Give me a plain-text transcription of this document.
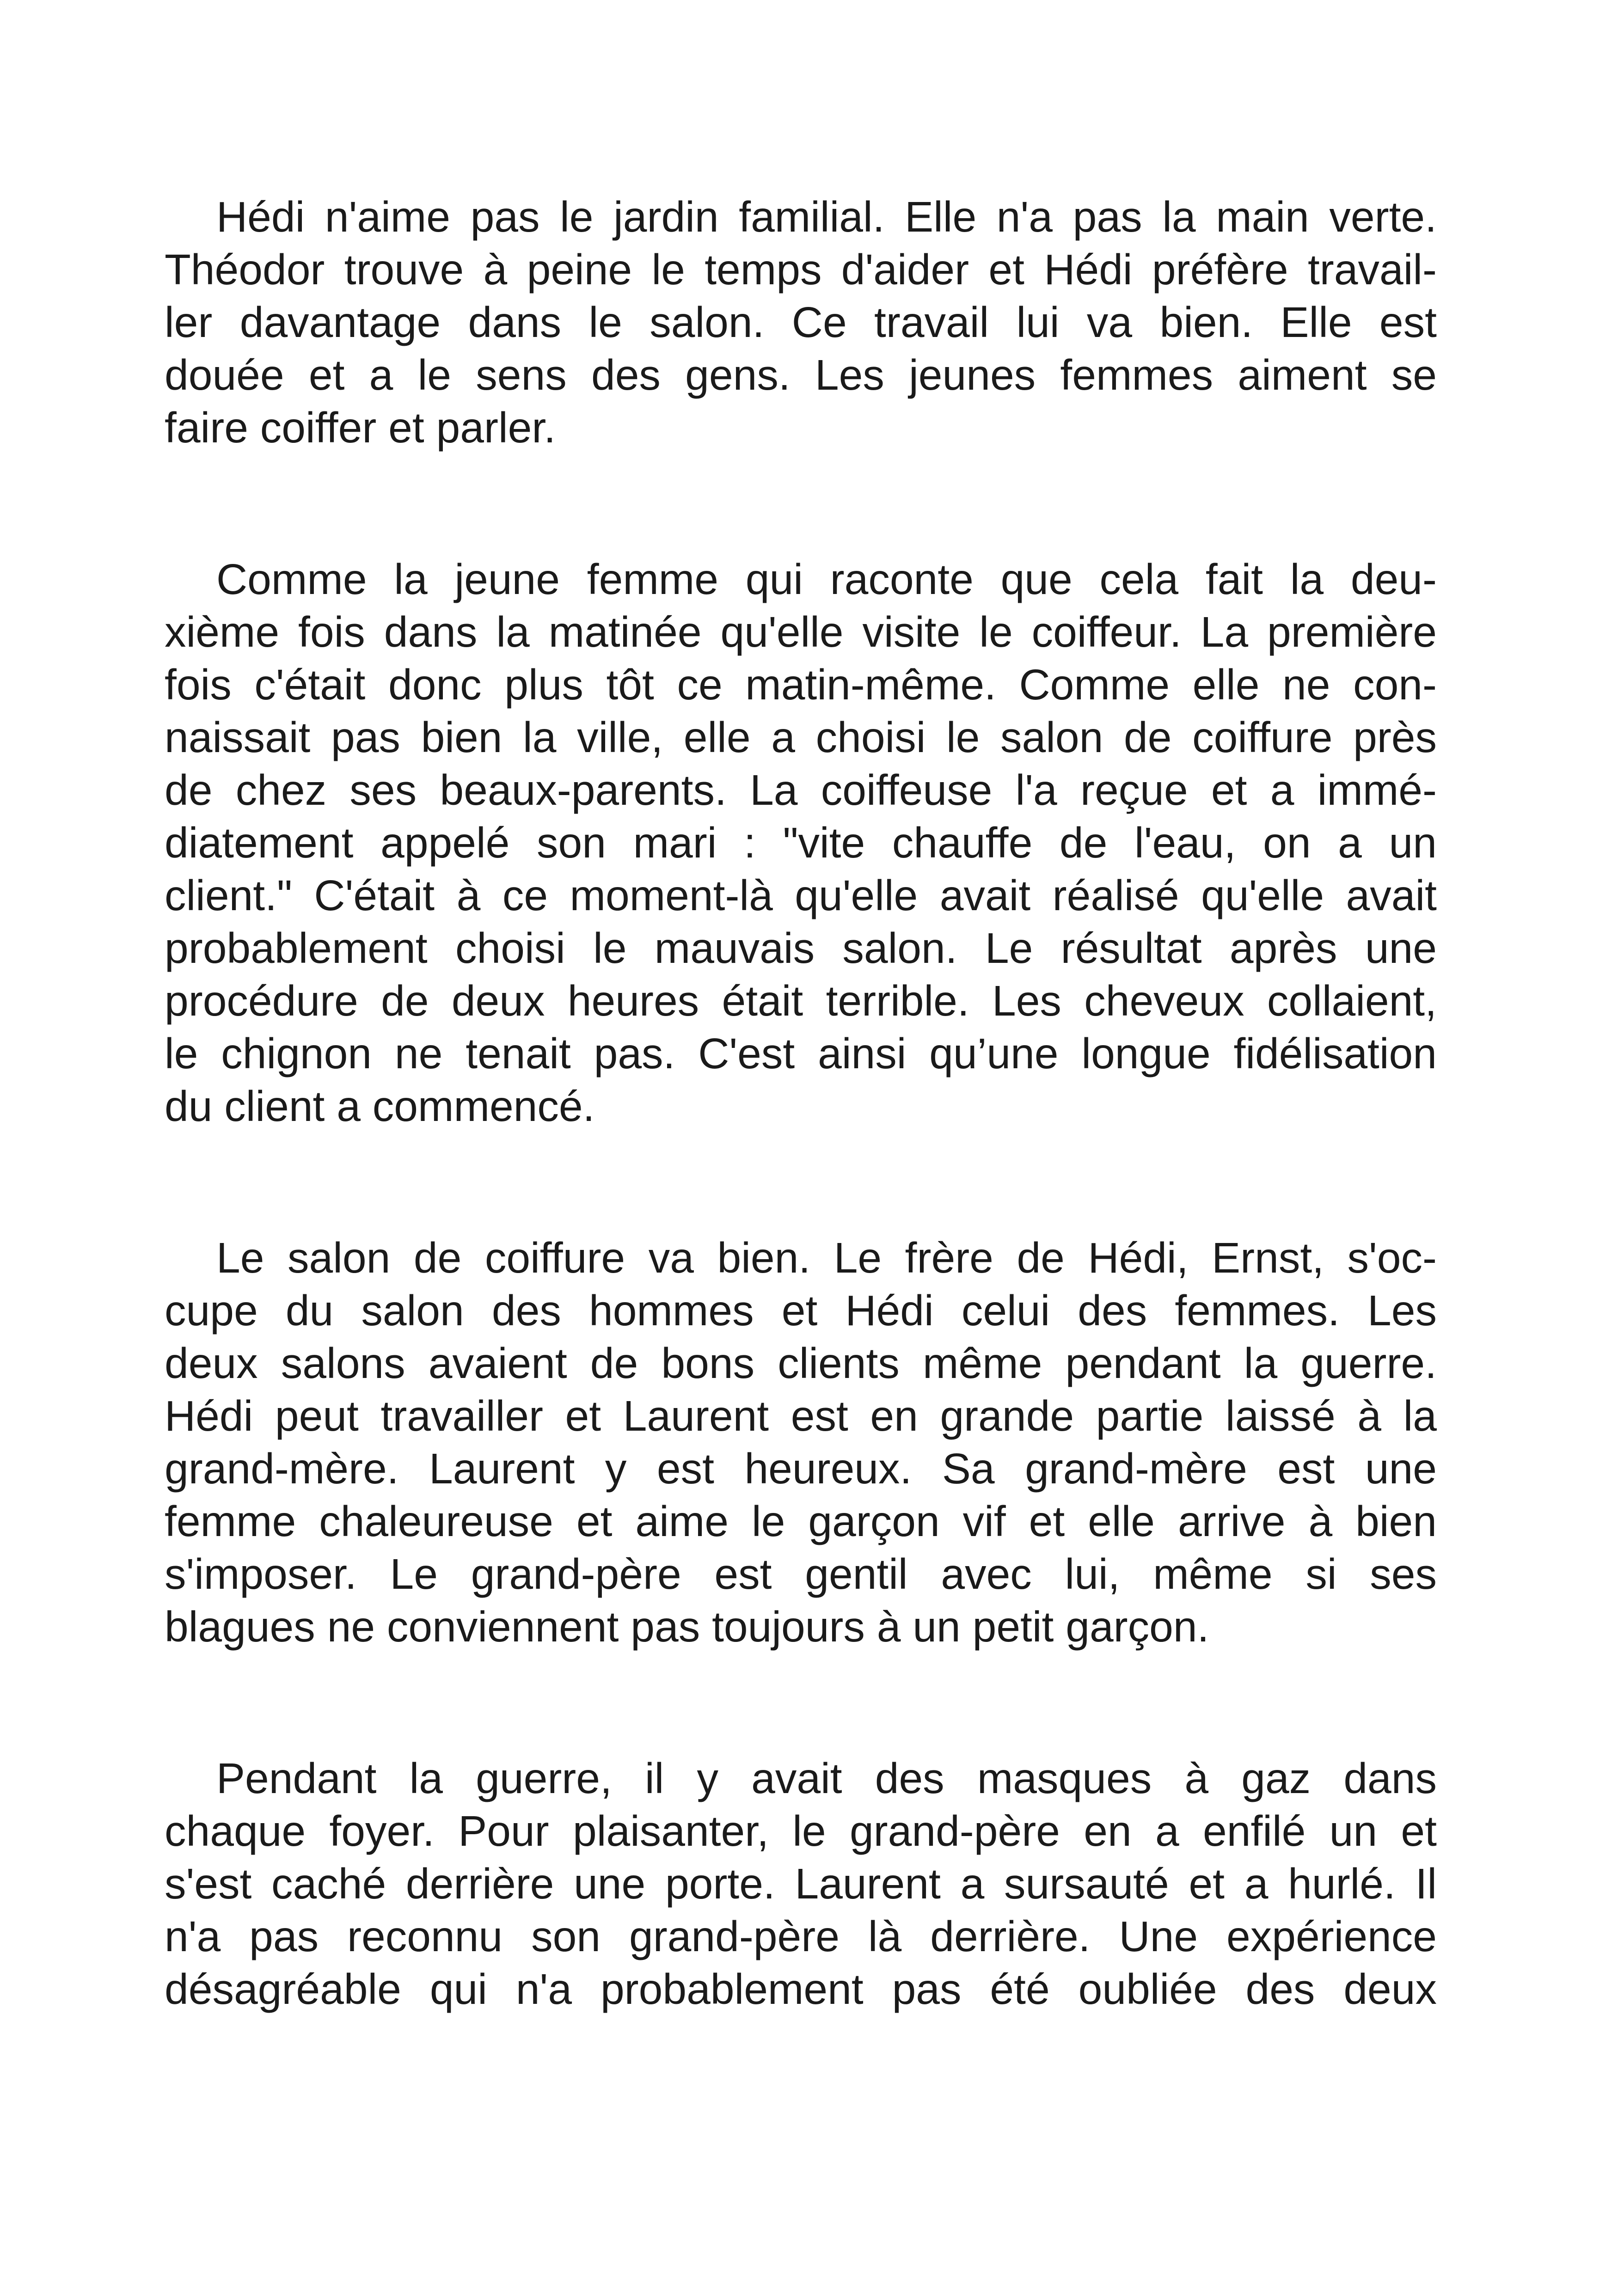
Hédi n'aime pas le jardin familial. Elle n'a pas la main verte.
Théodor trouve à peine le temps d'aider et Hédi préfère travail-
ler davantage dans le salon. Ce travail lui va bien. Elle est
douée et a le sens des gens. Les jeunes femmes aiment se
faire coiffer et parler.
Comme la jeune femme qui raconte que cela fait la deu-
xième fois dans la matinée qu'elle visite le coiffeur. La première
fois c'était donc plus tôt ce matin-même. Comme elle ne con-
naissait pas bien la ville, elle a choisi le salon de coiffure près
de chez ses beaux-parents. La coiffeuse l'a reçue et a immé-
diatement appelé son mari : "vite chauffe de l'eau, on a un
client." C'était à ce moment-là qu'elle avait réalisé qu'elle avait
probablement choisi le mauvais salon. Le résultat après une
procédure de deux heures était terrible. Les cheveux collaient,
le chignon ne tenait pas. C'est ainsi qu’une longue fidélisation
du client a commencé.
Le salon de coiffure va bien. Le frère de Hédi, Ernst, s'oc-
cupe du salon des hommes et Hédi celui des femmes. Les
deux salons avaient de bons clients même pendant la guerre.
Hédi peut travailler et Laurent est en grande partie laissé à la
grand-mère. Laurent y est heureux. Sa grand-mère est une
femme chaleureuse et aime le garçon vif et elle arrive à bien
s'imposer. Le grand-père est gentil avec lui, même si ses
blagues ne conviennent pas toujours à un petit garçon.
Pendant la guerre, il y avait des masques à gaz dans
chaque foyer. Pour plaisanter, le grand-père en a enfilé un et
s'est caché derrière une porte. Laurent a sursauté et a hurlé. Il
n'a pas reconnu son grand-père là derrière. Une expérience
désagréable qui n'a probablement pas été oubliée des deux
